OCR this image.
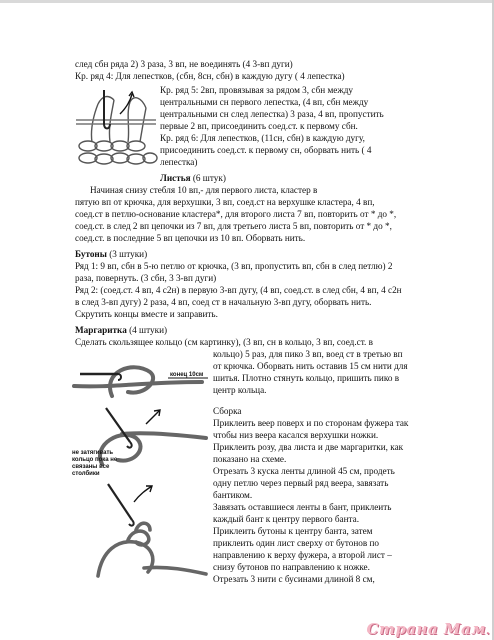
след сбн ряда 2) 3 раза, 3 вп, не воединять (4 3-вп дуги)
Кр. ряд 4: Для лепестков, (сбн, 8сн, сбн) в каждую дугу ( 4 лепестка)
Кр. ряд 5: 2вп, провязывая за рядом 3, сбн между
центральными сн первого лепестка, (4 вп, сбн между
центральными сн след лепестка) 3 раза, 4 вп, пропустить
первые 2 вп, присоединить соед.ст. к первому сбн.
Кр. ряд 6: Для лепестков, (11сн, сбн) в каждую дугу,
присоединить соед.ст. к первому сн, оборвать нить ( 4
лепестка)
Листья (6 штук)
Начиная снизу стебля 10 вп,- для первого листа, кластер в
пятую вп от крючка, для верхушки, 3 вп, соед.ст на верхушке кластера, 4 вп,
соед.ст в петлю-основание кластера*, для второго листа 7 вп, повторить от * до *,
соед.ст. в след 2 вп цепочки из 7 вп, для третьего листа 5 вп, повторить от * до *,
соед.ст. в последние 5 вп цепочки из 10 вп. Оборвать нить.
Бутоны (3 штуки)
Ряд 1: 9 вп, сбн в 5-ю петлю от крючка, (3 вп, пропустить вп, сбн в след петлю) 2
раза, повернуть. (3 сбн, 3 3-вп дуги)
Ряд 2: (соед.ст. 4 вп, 4 с2н) в первую 3-вп дугу, (4 вп, соед.ст. в след сбн, 4 вп, 4 с2н
в след 3-вп дугу) 2 раза, 4 вп, соед ст в начальную 3-вп дугу, оборвать нить.
Скрутить концы вместе и заправить.
Маргаритка (4 штуки)
Сделать скользящее кольцо (см картинку), (3 вп, сн в кольцо, 3 вп, соед.ст. в
кольцо) 5 раз, для пико 3 вп, воед ст в третью вп
от крючка. Оборвать нить оставив 15 см нити для
шитья. Плотно стянуть кольцо, пришить пико в
центр кольца.
Сборка
Приклеить веер поверх и по сторонам фужера так
чтобы низ веера касался верхушки ножки.
Приклеить розу, два листа и две маргаритки, как
показано на схеме.
Отрезать 3 куска ленты длиной 45 см, продеть
одну петлю через первый ряд веера, завязать
бантиком.
Завязать оставшиеся ленты в бант, приклеить
каждый бант к центру первого банта.
Приклеить бутоны к центру банта, затем
приклеить один лист сверху от бутонов по
направлению к верху фужера, а второй лист –
снизу бутонов по направлению к ножке.
Отрезать 3 нити с бусинами длиной 8 см,
конец 10см
не затягивать
кольцо пока не
связаны все
столбики
Страна Мам.
